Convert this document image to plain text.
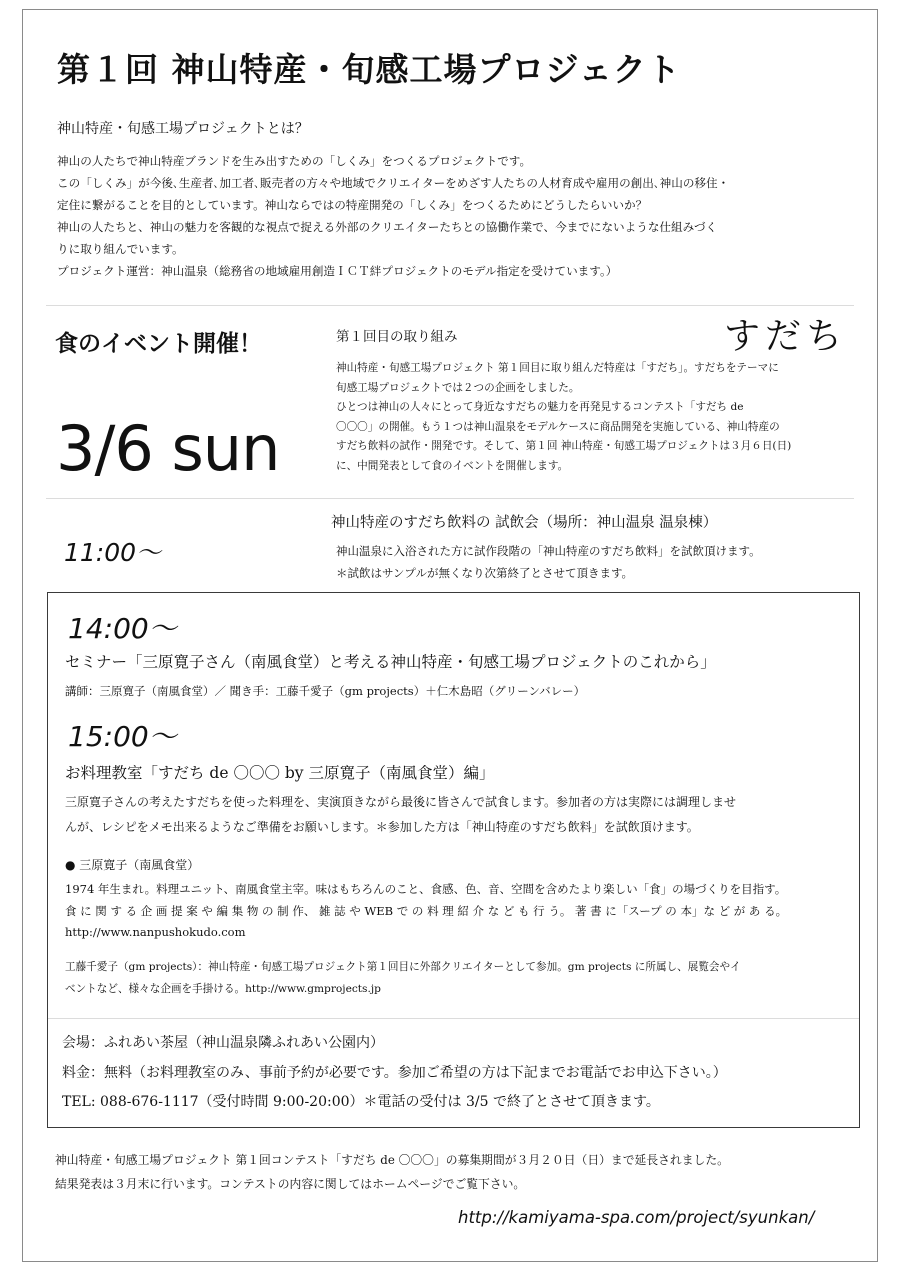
第１回 神山特産・旬感工場プロジェクト
神山特産・旬感工場プロジェクトとは？

神山の人たちで神山特産ブランドを生み出すための「しくみ」をつくるプロジェクトです。

この「しくみ」が今後､生産者､加工者､販売者の方々や地域でクリエイターをめざす人たちの人材育成や雇用の創出､神山の移住・

定住に繋がることを目的としています。神山ならではの特産開発の「しくみ」をつくるためにどうしたらいいか？

神山の人たちと、神山の魅力を客観的な視点で捉える外部のクリエイターたちとの協働作業で、今までにないような仕組みづく

りに取り組んでいます。

プロジェクト運営：神山温泉（総務省の地域雇用創造ＩＣＴ絆プロジェクトのモデル指定を受けています。）

食のイベント開催！
3/6 sun
第１回目の取り組み	すだち

神山特産・旬感工場プロジェクト 第１回目に取り組んだ特産は「すだち」。すだちをテーマに

旬感工場プロジェクトでは２つの企画をしました。

ひとつは神山の人々にとって身近なすだちの魅力を再発見するコンテスト「すだち de

〇〇〇」の開催。もう１つは神山温泉をモデルケースに商品開発を実施している、神山特産の

すだち飲料の試作・開発です。そして、第１回 神山特産・旬感工場プロジェクトは３月６日(日)

に、中間発表として食のイベントを開催します。

11:00～
神山特産のすだち飲料の 試飲会（場所：神山温泉 温泉棟）

神山温泉に入浴された方に試作段階の「神山特産のすだち飲料」を試飲頂けます。

＊試飲はサンプルが無くなり次第終了とさせて頂きます。

14:00～
セミナー「三原寛子さん（南風食堂）と考える神山特産・旬感工場プロジェクトのこれから」
講師：三原寛子（南風食堂）／ 聞き手：工藤千愛子（gm projects）＋仁木島昭（グリーンバレー）
15:00～
お料理教室「すだち de 〇〇〇 by 三原寛子（南風食堂）編」

三原寛子さんの考えたすだちを使った料理を、実演頂きながら最後に皆さんで試食します。参加者の方は実際には調理しませ

んが、レシピをメモ出来るようなご準備をお願いします。＊参加した方は「神山特産のすだち飲料」を試飲頂けます。

● 三原寛子（南風食堂）

1974 年生まれ。料理ユニット、南風食堂主宰。味はもちろんのこと、食感、色、音、空間を含めたより楽しい「食」の場づくりを目指す。

食 に 関 す る 企 画 提 案 や 編 集 物 の 制 作、 雑 誌 や WEB で の 料 理 紹 介 な ど も 行 う。 著 書 に「スープ の 本」な ど が あ る。

http://www.nanpushokudo.com

工藤千愛子（gm projects）：神山特産・旬感工場プロジェクト第１回目に外部クリエイターとして参加。gm projects に所属し、展覧会やイ

ベントなど、様々な企画を手掛ける。http://www.gmprojects.jp

会場：ふれあい茶屋（神山温泉隣ふれあい公園内）

料金：無料（お料理教室のみ、事前予約が必要です。参加ご希望の方は下記までお電話でお申込下さい。）

TEL: 088-676-1117（受付時間 9:00-20:00）＊電話の受付は 3/5 で終了とさせて頂きます。

神山特産・旬感工場プロジェクト 第１回コンテスト「すだち de 〇〇〇」の募集期間が３月２０日（日）まで延長されました。

結果発表は３月末に行います。コンテストの内容に関してはホームページでご覧下さい。

http://kamiyama-spa.com/project/syunkan/
